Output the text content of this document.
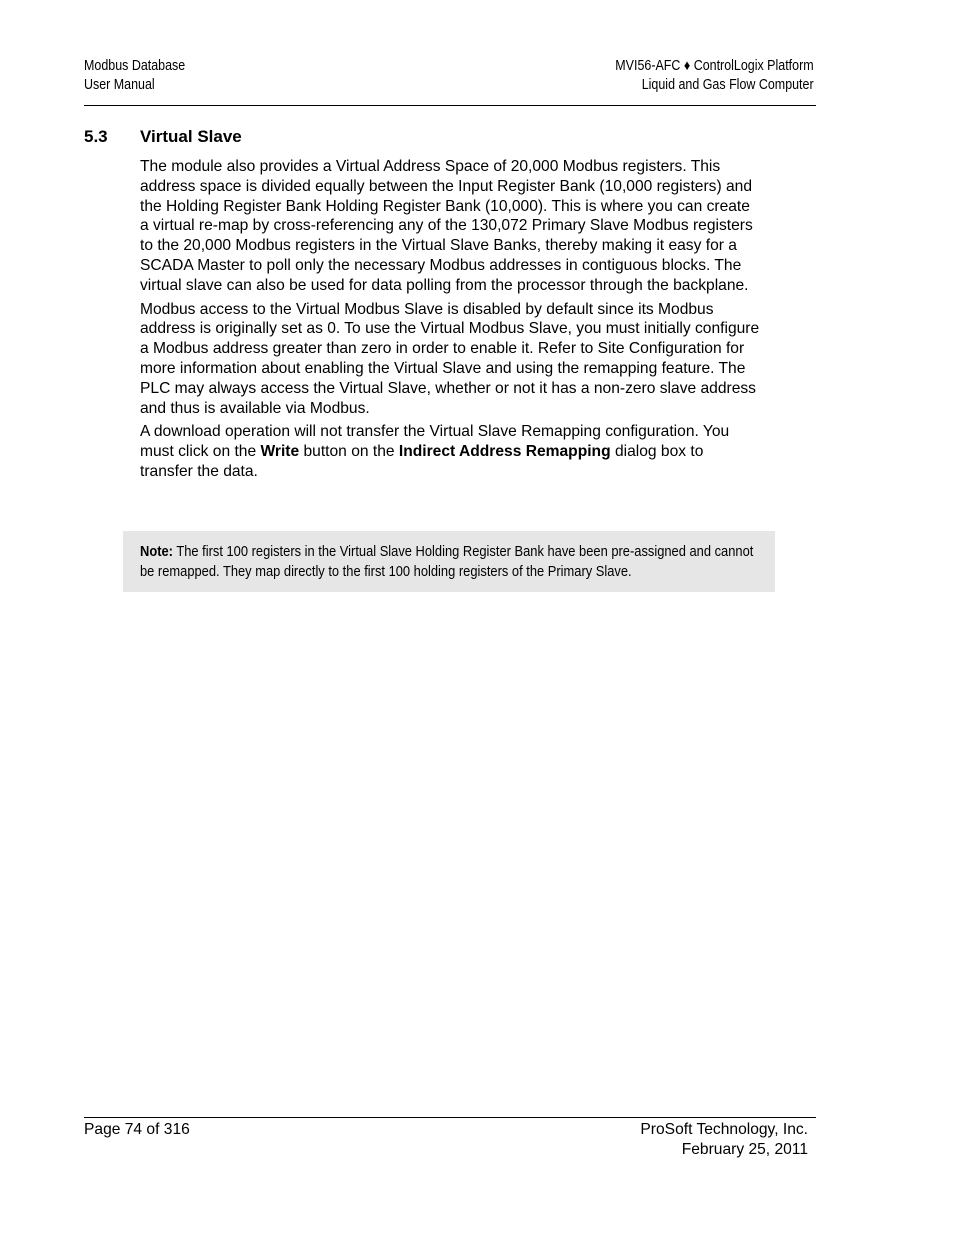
Modbus Database
User Manual
MVI56-AFC ♦ ControlLogix Platform
Liquid and Gas Flow Computer
5.3 Virtual Slave

The module also provides a Virtual Address Space of 20,000 Modbus registers. This address space is divided equally between the Input Register Bank (10,000 registers) and the Holding Register Bank Holding Register Bank (10,000). This is where you can create a virtual re-map by cross-referencing any of the 130,072 Primary Slave Modbus registers to the 20,000 Modbus registers in the Virtual Slave Banks, thereby making it easy for a SCADA Master to poll only the necessary Modbus addresses in contiguous blocks. The virtual slave can also be used for data polling from the processor through the backplane.

Modbus access to the Virtual Modbus Slave is disabled by default since its Modbus address is originally set as 0. To use the Virtual Modbus Slave, you must initially configure a Modbus address greater than zero in order to enable it. Refer to Site Configuration for more information about enabling the Virtual Slave and using the remapping feature. The PLC may always access the Virtual Slave, whether or not it has a non-zero slave address and thus is available via Modbus.

A download operation will not transfer the Virtual Slave Remapping configuration. You must click on the Write button on the Indirect Address Remapping dialog box to transfer the data.

Note: The first 100 registers in the Virtual Slave Holding Register Bank have been pre-assigned and cannot be remapped. They map directly to the first 100 holding registers of the Primary Slave.
Page 74 of 316	ProSoft Technology, Inc.
February 25, 2011
